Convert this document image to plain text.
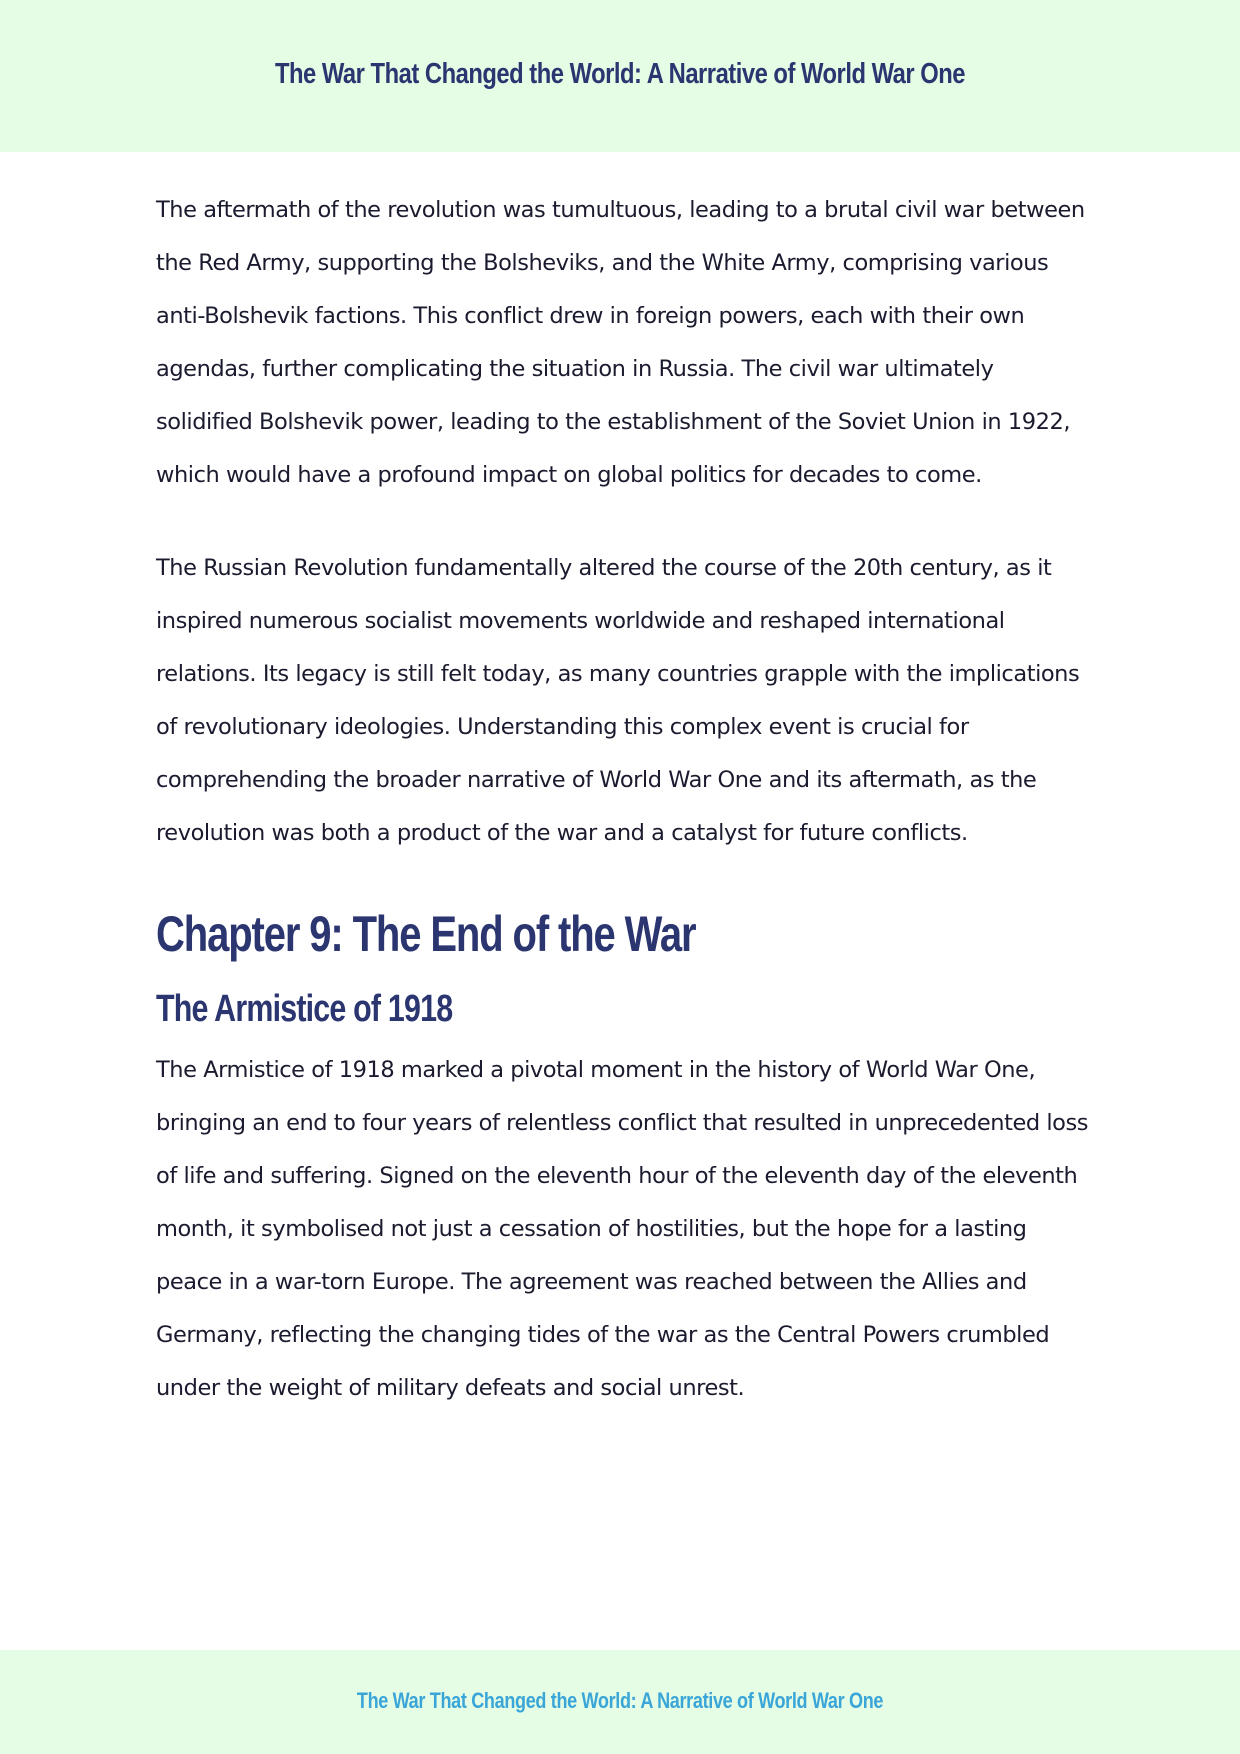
The War That Changed the World: A Narrative of World War One

The aftermath of the revolution was tumultuous, leading to a brutal civil war between the Red Army, supporting the Bolsheviks, and the White Army, comprising various anti-Bolshevik factions. This conflict drew in foreign powers, each with their own agendas, further complicating the situation in Russia. The civil war ultimately solidified Bolshevik power, leading to the establishment of the Soviet Union in 1922, which would have a profound impact on global politics for decades to come.

The Russian Revolution fundamentally altered the course of the 20th century, as it inspired numerous socialist movements worldwide and reshaped international relations. Its legacy is still felt today, as many countries grapple with the implications of revolutionary ideologies. Understanding this complex event is crucial for comprehending the broader narrative of World War One and its aftermath, as the revolution was both a product of the war and a catalyst for future conflicts.

Chapter 9: The End of the War
The Armistice of 1918

The Armistice of 1918 marked a pivotal moment in the history of World War One, bringing an end to four years of relentless conflict that resulted in unprecedented loss of life and suffering. Signed on the eleventh hour of the eleventh day of the eleventh month, it symbolised not just a cessation of hostilities, but the hope for a lasting peace in a war-torn Europe. The agreement was reached between the Allies and Germany, reflecting the changing tides of the war as the Central Powers crumbled under the weight of military defeats and social unrest.

The War That Changed the World: A Narrative of World War One
